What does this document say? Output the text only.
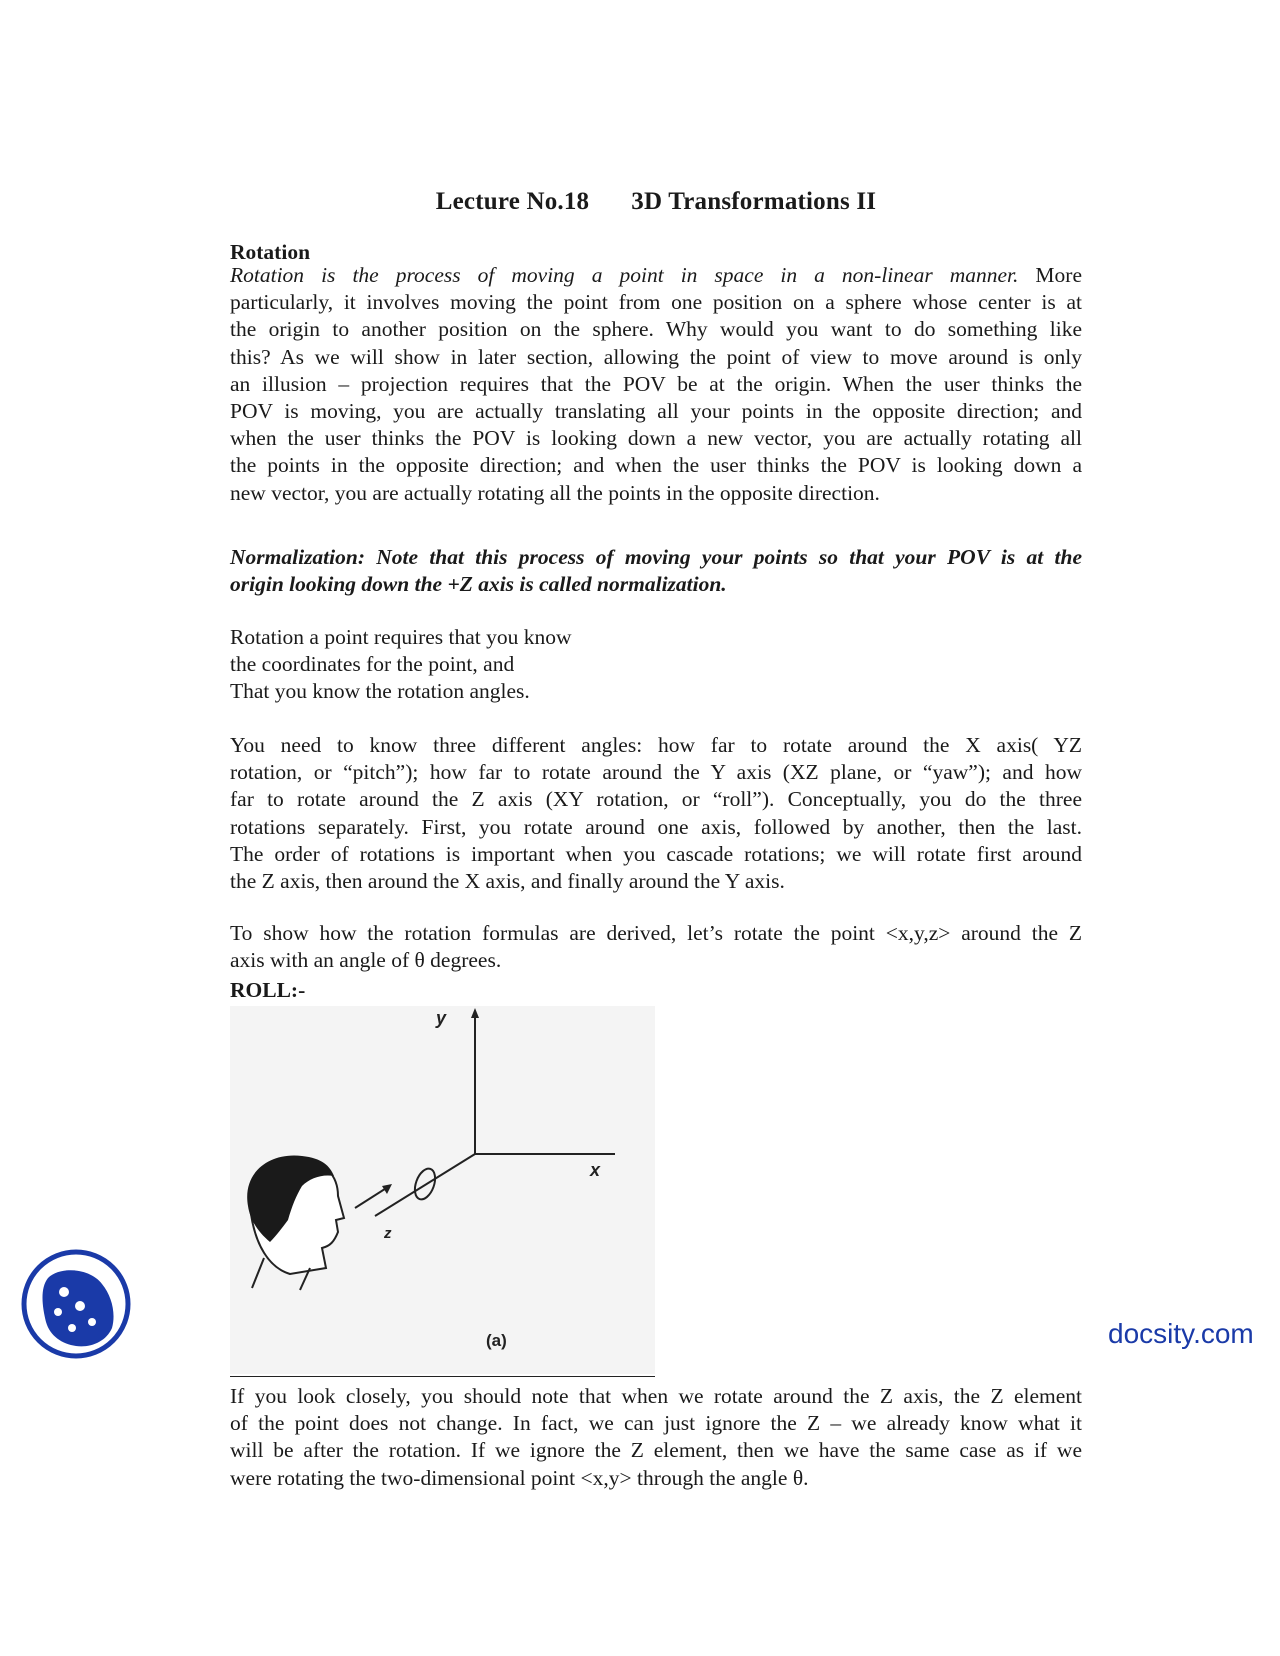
Lecture No.18 3D Transformations II
Rotation
Rotation is the process of moving a point in space in a non-linear manner. More
particularly, it involves moving the point from one position on a sphere whose center is at
the origin to another position on the sphere. Why would you want to do something like
this? As we will show in later section, allowing the point of view to move around is only
an illusion – projection requires that the POV be at the origin. When the user thinks the
POV is moving, you are actually translating all your points in the opposite direction; and
when the user thinks the POV is looking down a new vector, you are actually rotating all
the points in the opposite direction; and when the user thinks the POV is looking down a
new vector, you are actually rotating all the points in the opposite direction.
Normalization: Note that this process of moving your points so that your POV is at the
origin looking down the +Z axis is called normalization.
Rotation a point requires that you know
the coordinates for the point, and
That you know the rotation angles.
You need to know three different angles: how far to rotate around the X axis( YZ
rotation, or “pitch”); how far to rotate around the Y axis (XZ plane, or “yaw”); and how
far to rotate around the Z axis (XY rotation, or “roll”). Conceptually, you do the three
rotations separately. First, you rotate around one axis, followed by another, then the last.
The order of rotations is important when you cascade rotations; we will rotate first around
the Z axis, then around the X axis, and finally around the Y axis.
To show how the rotation formulas are derived, let’s rotate the point <x,y,z> around the Z
axis with an angle of θ degrees.
ROLL:-
If you look closely, you should note that when we rotate around the Z axis, the Z element
of the point does not change. In fact, we can just ignore the Z – we already know what it
will be after the rotation. If we ignore the Z element, then we have the same case as if we
were rotating the two-dimensional point <x,y> through the angle θ.
y
x
z
(a)	docsity.com
